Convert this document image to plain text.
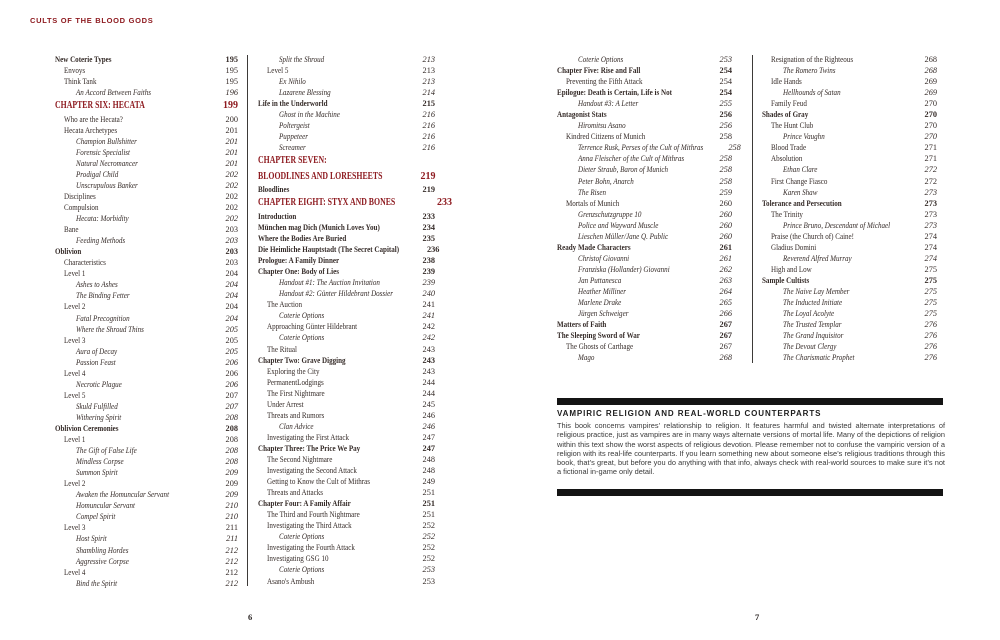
CULTS OF THE BLOOD GODS
New Coterie Types	195
Envoys	195
Think Tank	195
An Accord Between Faiths	196
CHAPTER SIX: HECATA	199
Who are the Hecata?	200
Hecata Archetypes	201
Champion Bullshitter	201
Forensic Specialist	201
Natural Necromancer	201
Prodigal Child	202
Unscrupulous Banker	202
Disciplines	202
Compulsion	202
Hecata: Morbidity	202
Bane	203
Feeding Methods	203
Oblivion	203
Characteristics	203
Level 1	204
Ashes to Ashes	204
The Binding Fetter	204
Level 2	204
Fatal Precognition	204
Where the Shroud Thins	205
Level 3	205
Aura of Decay	205
Passion Feast	206
Level 4	206
Necrotic Plague	206
Level 5	207
Skuld Fulfilled	207
Withering Spirit	208
Oblivion Ceremonies	208
Level 1	208
The Gift of False Life	208
Mindless Corpse	208
Summon Spirit	209
Level 2	209
Awaken the Homuncular Servant	209
Homuncular Servant	210
Compel Spirit	210
Level 3	211
Host Spirit	211
Shambling Hordes	212
Aggressive Corpse	212
Level 4	212
Bind the Spirit	212
Split the Shroud	213
Level 5	213
Ex Nihilo	213
Lazarene Blessing	214
Life in the Underworld	215
Ghost in the Machine	216
Poltergeist	216
Puppeteer	216
Screamer	216
CHAPTER SEVEN:
BLOODLINES AND LORESHEETS	219
Bloodlines	219
CHAPTER EIGHT: STYX AND BONES	233
Introduction	233
München mag Dich (Munich Loves You)	234
Where the Bodies Are Buried	235
Die Heimliche Hauptstadt (The Secret Capital)	236
Prologue: A Family Dinner	238
Chapter One: Body of Lies	239
Handout #1: The Auction Invitation	239
Handout #2: Günter Hildebrant Dossier	240
The Auction	241
Coterie Options	241
Approaching Günter Hildebrant	242
Coterie Options	242
The Ritual	243
Chapter Two: Grave Digging	243
Exploring the City	243
PermanentLodgings	244
The First Nightmare	244
Under Arrest	245
Threats and Rumors	246
Clan Advice	246
Investigating the First Attack	247
Chapter Three: The Price We Pay	247
The Second Nightmare	248
Investigating the Second Attack	248
Getting to Know the Cult of Mithras	249
Threats and Attacks	251
Chapter Four: A Family Affair	251
The Third and Fourth Nightmare	251
Investigating the Third Attack	252
Coterie Options	252
Investigating the Fourth Attack	252
Investigating GSG 10	252
Coterie Options	253
Asano's Ambush	253
Coterie Options	253
Chapter Five: Rise and Fall	254
Preventing the Fifth Attack	254
Epilogue: Death is Certain, Life is Not	254
Handout #3: A Letter	255
Antagonist Stats	256
Hiromitsu Asano	256
Kindred Citizens of Munich	258
Terrence Rusk, Perses of the Cult of Mithras	258
Anna Fleischer of the Cult of Mithras	258
Dieter Straub, Baron of Munich	258
Peter Bohn, Anarch	258
The Risen	259
Mortals of Munich	260
Grenzschutzgruppe 10	260
Police and Wayward Muscle	260
Lieschen Müller/Jane Q. Public	260
Ready Made Characters	261
Christof Giovanni	261
Franziska (Hollander) Giovanni	262
Jan Puttanesca	263
Heather Milliner	264
Marlene Drake	265
Jürgen Schweiger	266
Matters of Faith	267
The Sleeping Sword of War	267
The Ghosts of Carthage	267
Mago	268
Resignation of the Righteous	268
The Romero Twins	268
Idle Hands	269
Hellhounds of Satan	269
Family Feud	270
Shades of Gray	270
The Hunt Club	270
Prince Vaughn	270
Blood Trade	271
Absolution	271
Ethan Clare	272
First Change Fiasco	272
Karen Shaw	273
Tolerance and Persecution	273
The Trinity	273
Prince Bruno, Descendant of Michael	273
Praise (the Church of) Caine!	274
Gladius Domini	274
Reverend Alfred Murray	274
High and Low	275
Sample Cultists	275
The Naive Lay Member	275
The Inducted Initiate	275
The Loyal Acolyte	275
The Trusted Templar	276
The Grand Inquisitor	276
The Devout Clergy	276
The Charismatic Prophet	276
VAMPIRIC RELIGION AND REAL-WORLD COUNTERPARTS
This book concerns vampires’ relationship to religion. It features harmful and twisted alternate interpretations of religious practice, just as vampires are in many ways alternate versions of mortal life. Many of the depictions of religion within this text show the worst aspects of religious devotion. Please remember not to confuse the vampiric version of a religion with its real-life counterparts. If you learn something new about someone else’s religious traditions through this book, that’s great, but before you do anything with that info, always check with real-world sources to make sure it’s not a fictional in-game only detail.
6	7
